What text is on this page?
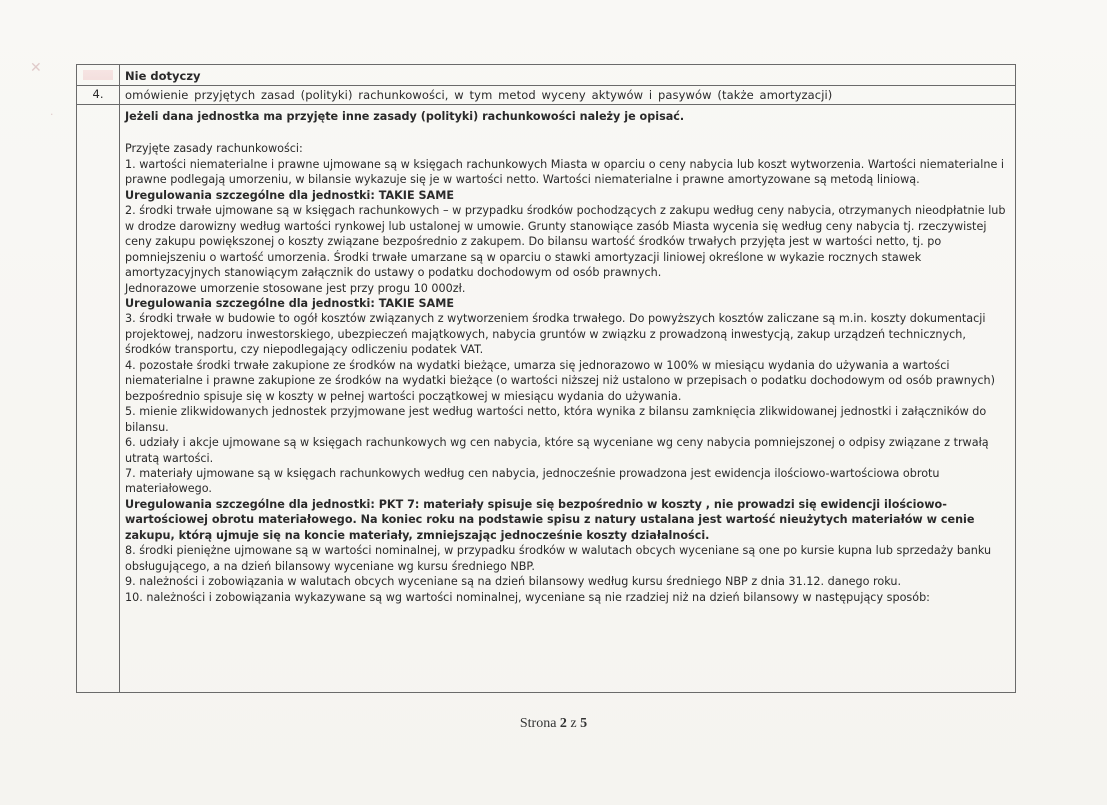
✕
·
4.
Nie dotyczy
omówienie przyjętych zasad (polityki) rachunkowości, w tym metod wyceny aktywów i pasywów (także amortyzacji)

Jeżeli dana jednostka ma przyjęte inne zasady (polityki) rachunkowości należy je opisać.

Przyjęte zasady rachunkowości:

1. wartości niematerialne i prawne ujmowane są w księgach rachunkowych Miasta w oparciu o ceny nabycia lub koszt wytworzenia. Wartości niematerialne i prawne podlegają umorzeniu, w bilansie wykazuje się je w wartości netto. Wartości niematerialne i prawne amortyzowane są metodą liniową.

Uregulowania szczególne dla jednostki: TAKIE SAME

2. środki trwałe ujmowane są w księgach rachunkowych – w przypadku środków pochodzących z zakupu według ceny nabycia, otrzymanych nieodpłatnie lub w drodze darowizny według wartości rynkowej lub ustalonej w umowie. Grunty stanowiące zasób Miasta wycenia się według ceny nabycia tj. rzeczywistej ceny zakupu powiększonej o koszty związane bezpośrednio z zakupem. Do bilansu wartość środków trwałych przyjęta jest w wartości netto, tj. po pomniejszeniu o wartość umorzenia. Środki trwałe umarzane są w oparciu o stawki amortyzacji liniowej określone w wykazie rocznych stawek amortyzacyjnych stanowiącym załącznik do ustawy o podatku dochodowym od osób prawnych.

Jednorazowe umorzenie stosowane jest przy progu 10 000zł.

Uregulowania szczególne dla jednostki: TAKIE SAME

3. środki trwałe w budowie to ogół kosztów związanych z wytworzeniem środka trwałego. Do powyższych kosztów zaliczane są m.in. koszty dokumentacji projektowej, nadzoru inwestorskiego, ubezpieczeń majątkowych, nabycia gruntów w związku z prowadzoną inwestycją, zakup urządzeń technicznych, środków transportu, czy niepodlegający odliczeniu podatek VAT.

4. pozostałe środki trwałe zakupione ze środków na wydatki bieżące, umarza się jednorazowo w 100% w miesiącu wydania do używania a wartości niematerialne i prawne zakupione ze środków na wydatki bieżące (o wartości niższej niż ustalono w przepisach o podatku dochodowym od osób prawnych) bezpośrednio spisuje się w koszty w pełnej wartości początkowej w miesiącu wydania do używania.

5. mienie zlikwidowanych jednostek przyjmowane jest według wartości netto, która wynika z bilansu zamknięcia zlikwidowanej jednostki i załączników do bilansu.

6. udziały i akcje ujmowane są w księgach rachunkowych wg cen nabycia, które są wyceniane wg ceny nabycia pomniejszonej o odpisy związane z trwałą utratą wartości.

7. materiały ujmowane są w księgach rachunkowych według cen nabycia, jednocześnie prowadzona jest ewidencja ilościowo-wartościowa obrotu materiałowego.

Uregulowania szczególne dla jednostki: PKT 7: materiały spisuje się bezpośrednio w koszty , nie prowadzi się ewidencji ilościowo-wartościowej obrotu materiałowego. Na koniec roku na podstawie spisu z natury ustalana jest wartość nieużytych materiałów w cenie zakupu, którą ujmuje się na koncie materiały, zmniejszając jednocześnie koszty działalności.

8. środki pieniężne ujmowane są w wartości nominalnej, w przypadku środków w walutach obcych wyceniane są one po kursie kupna lub sprzedaży banku obsługującego, a na dzień bilansowy wyceniane wg kursu średniego NBP.

9. należności i zobowiązania w walutach obcych wyceniane są na dzień bilansowy według kursu średniego NBP z dnia 31.12. danego roku.

10. należności i zobowiązania wykazywane są wg wartości nominalnej, wyceniane są nie rzadziej niż na dzień bilansowy w następujący sposób:

Strona 2 z 5
